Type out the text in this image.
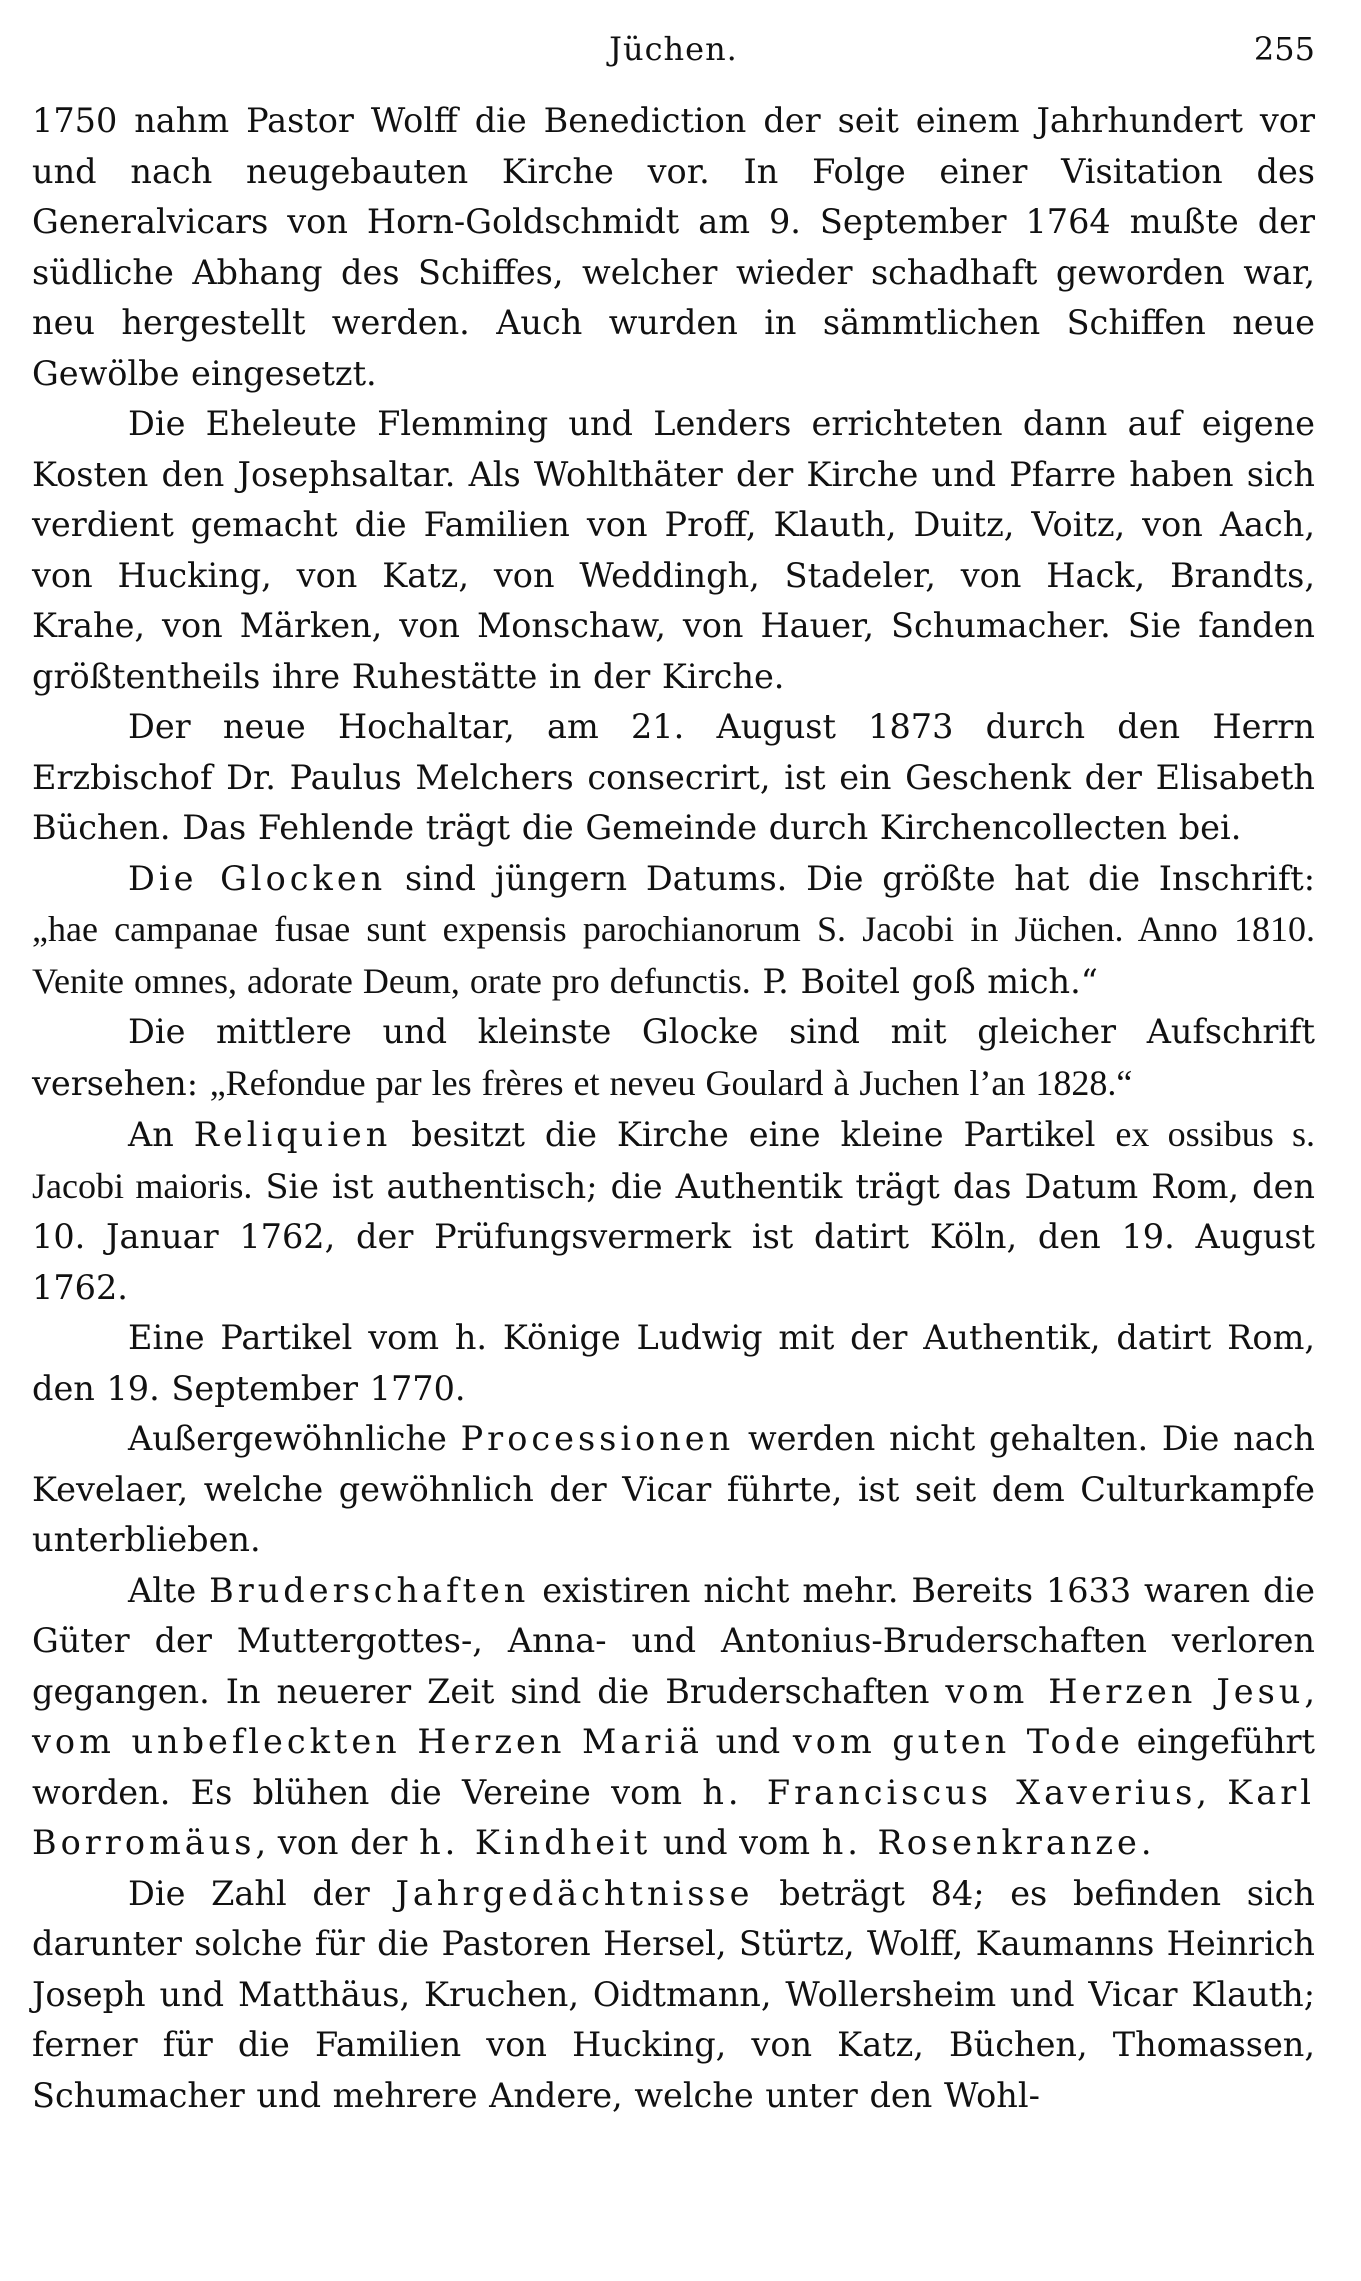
Jüchen.	255

1750 nahm Pastor Wolff die Benediction der seit einem Jahrhundert vor und nach neugebauten Kirche vor. In Folge einer Visitation des Generalvicars von Horn-Goldschmidt am 9. September 1764 mußte der südliche Abhang des Schiffes, welcher wieder schadhaft geworden war, neu hergestellt werden. Auch wurden in sämmtlichen Schiffen neue Gewölbe eingesetzt.

Die Eheleute Flemming und Lenders errichteten dann auf eigene Kosten den Josephsaltar. Als Wohlthäter der Kirche und Pfarre haben sich verdient gemacht die Familien von Proff, Klauth, Duitz, Voitz, von Aach, von Hucking, von Katz, von Weddingh, Stadeler, von Hack, Brandts, Krahe, von Märken, von Monschaw, von Hauer, Schumacher. Sie fanden größtentheils ihre Ruhestätte in der Kirche.

Der neue Hochaltar, am 21. August 1873 durch den Herrn Erzbischof Dr. Paulus Melchers consecrirt, ist ein Geschenk der Elisabeth Büchen. Das Fehlende trägt die Gemeinde durch Kirchencollecten bei.

Die Glocken sind jüngern Datums. Die größte hat die Inschrift: „hae campanae fusae sunt expensis parochianorum S. Jacobi in Jüchen. Anno 1810. Venite omnes, adorate Deum, orate pro defunctis. P. Boitel goß mich.“

Die mittlere und kleinste Glocke sind mit gleicher Aufschrift versehen: „Refondue par les frères et neveu Goulard à Juchen l’an 1828.“

An Reliquien besitzt die Kirche eine kleine Partikel ex ossibus s. Jacobi maioris. Sie ist authentisch; die Authentik trägt das Datum Rom, den 10. Januar 1762, der Prüfungsvermerk ist datirt Köln, den 19. August 1762.

Eine Partikel vom h. Könige Ludwig mit der Authentik, datirt Rom, den 19. September 1770.

Außergewöhnliche Processionen werden nicht gehalten. Die nach Kevelaer, welche gewöhnlich der Vicar führte, ist seit dem Culturkampfe unterblieben.

Alte Bruderschaften existiren nicht mehr. Bereits 1633 waren die Güter der Muttergottes-, Anna- und Antonius-Bruderschaften verloren gegangen. In neuerer Zeit sind die Bruderschaften vom Herzen Jesu, vom unbefleckten Herzen Mariä und vom guten Tode eingeführt worden. Es blühen die Vereine vom h. Franciscus Xaverius, Karl Borromäus, von der h. Kindheit und vom h. Rosenkranze.

Die Zahl der Jahrgedächtnisse beträgt 84; es befinden sich darunter solche für die Pastoren Hersel, Stürtz, Wolff, Kaumanns Heinrich Joseph und Matthäus, Kruchen, Oidtmann, Wollersheim und Vicar Klauth; ferner für die Familien von Hucking, von Katz, Büchen, Thomassen, Schumacher und mehrere Andere, welche unter den Wohl-
